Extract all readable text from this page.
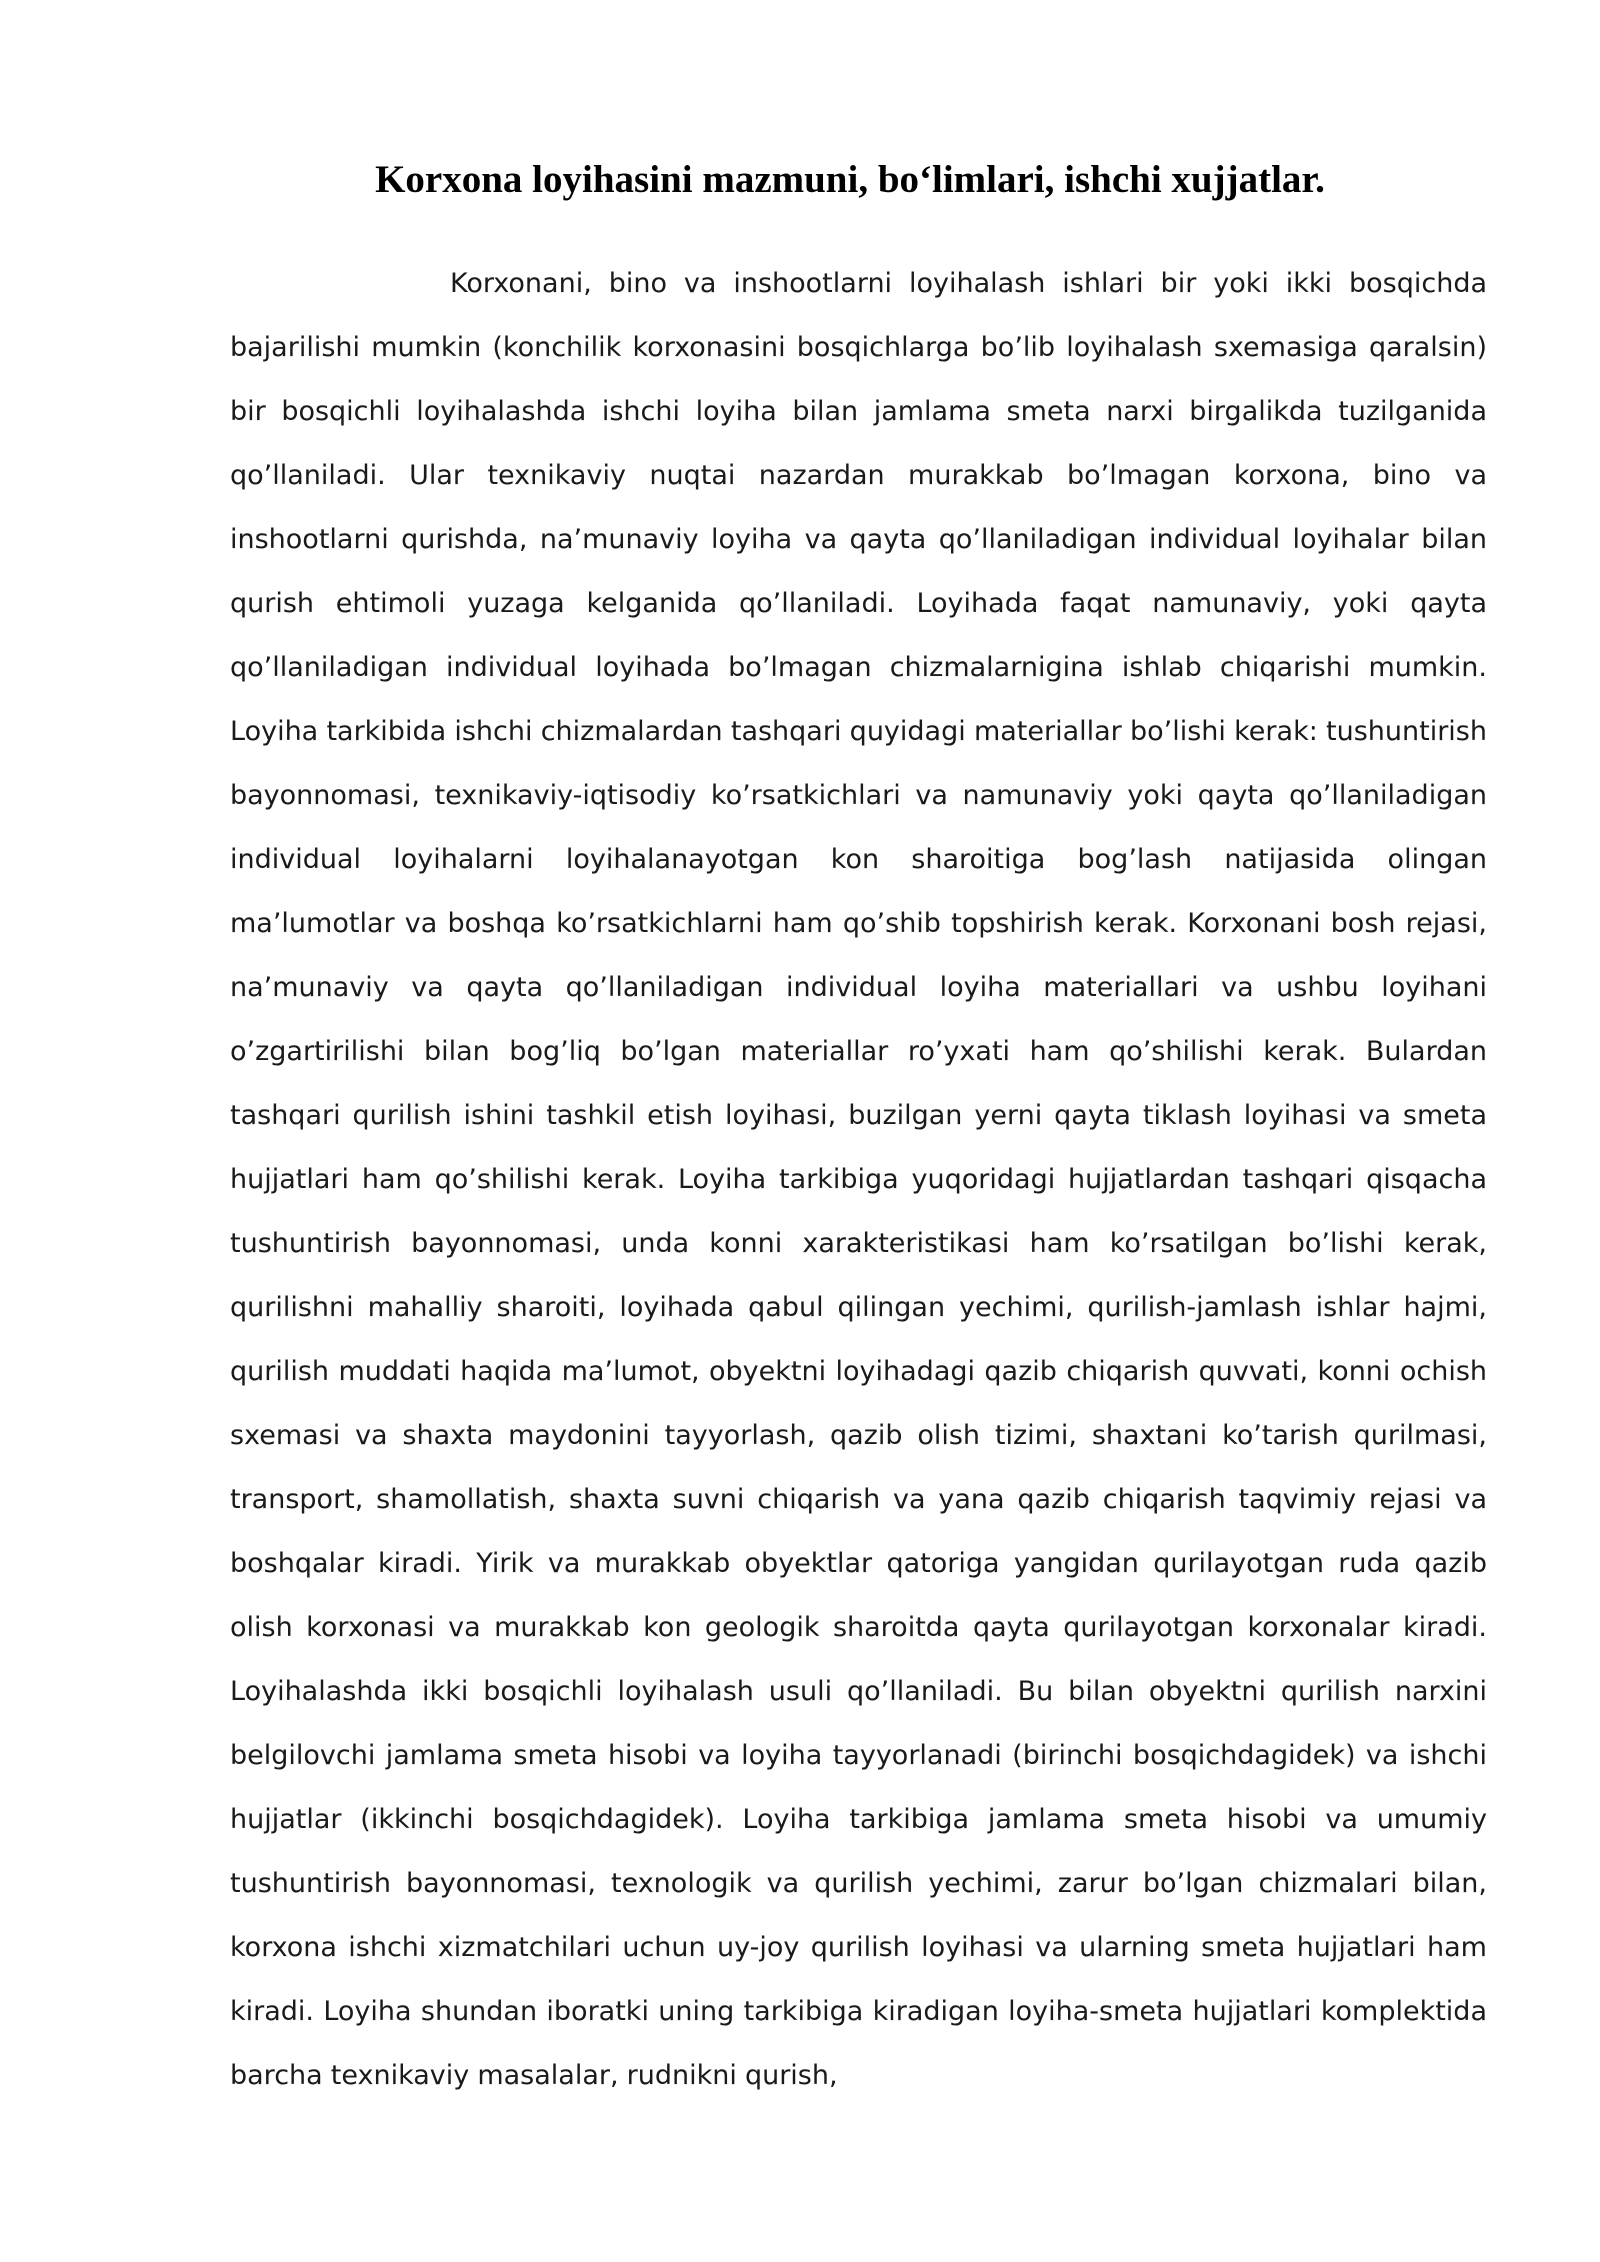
Korxona loyihasini mazmuni, bo‘limlari, ishchi xujjatlar.

Korxonani, bino va inshootlarni loyihalash ishlari bir yoki ikki bosqichda bajarilishi mumkin (konchilik korxonasini bosqichlarga bo’lib loyihalash sxemasiga qaralsin) bir bosqichli loyihalashda ishchi loyiha bilan jamlama smeta narxi birgalikda tuzilganida qo’llaniladi. Ular texnikaviy nuqtai nazardan murakkab bo’lmagan korxona, bino va inshootlarni qurishda, na’munaviy loyiha va qayta qo’llaniladigan individual loyihalar bilan qurish ehtimoli yuzaga kelganida qo’llaniladi. Loyihada faqat namunaviy, yoki qayta qo’llaniladigan individual loyihada bo’lmagan chizmalarnigina ishlab chiqarishi mumkin. Loyiha tarkibida ishchi chizmalardan tashqari quyidagi materiallar bo’lishi kerak: tushuntirish bayonnomasi, texnikaviy-iqtisodiy ko’rsatkichlari va namunaviy yoki qayta qo’llaniladigan individual loyihalarni loyihalanayotgan kon sharoitiga bog’lash natijasida olingan ma’lumotlar va boshqa ko’rsatkichlarni ham qo’shib topshirish kerak. Korxonani bosh rejasi, na’munaviy va qayta qo’llaniladigan individual loyiha materiallari va ushbu loyihani o’zgartirilishi bilan bog’liq bo’lgan materiallar ro’yxati ham qo’shilishi kerak. Bulardan tashqari qurilish ishini tashkil etish loyihasi, buzilgan yerni qayta tiklash loyihasi va smeta hujjatlari ham qo’shilishi kerak. Loyiha tarkibiga yuqoridagi hujjatlardan tashqari qisqacha tushuntirish bayonnomasi, unda konni xarakteristikasi ham ko’rsatilgan bo’lishi kerak, qurilishni mahalliy sharoiti, loyihada qabul qilingan yechimi, qurilish-jamlash ishlar hajmi, qurilish muddati haqida ma’lumot, obyektni loyihadagi qazib chiqarish quvvati, konni ochish sxemasi va shaxta maydonini tayyorlash, qazib olish tizimi, shaxtani ko’tarish qurilmasi, transport, shamollatish, shaxta suvni chiqarish va yana qazib chiqarish taqvimiy rejasi va boshqalar kiradi. Yirik va murakkab obyektlar qatoriga yangidan qurilayotgan ruda qazib olish korxonasi va murakkab kon geologik sharoitda qayta qurilayotgan korxonalar kiradi. Loyihalashda ikki bosqichli loyihalash usuli qo’llaniladi. Bu bilan obyektni qurilish narxini belgilovchi jamlama smeta hisobi va loyiha tayyorlanadi (birinchi bosqichdagidek) va ishchi hujjatlar (ikkinchi bosqichdagidek). Loyiha tarkibiga jamlama smeta hisobi va umumiy tushuntirish bayonnomasi, texnologik va qurilish yechimi, zarur bo’lgan chizmalari bilan, korxona ishchi xizmatchilari uchun uy-joy qurilish loyihasi va ularning smeta hujjatlari ham kiradi. Loyiha shundan iboratki uning tarkibiga kiradigan loyiha-smeta hujjatlari komplektida barcha texnikaviy masalalar, rudnikni qurish,
